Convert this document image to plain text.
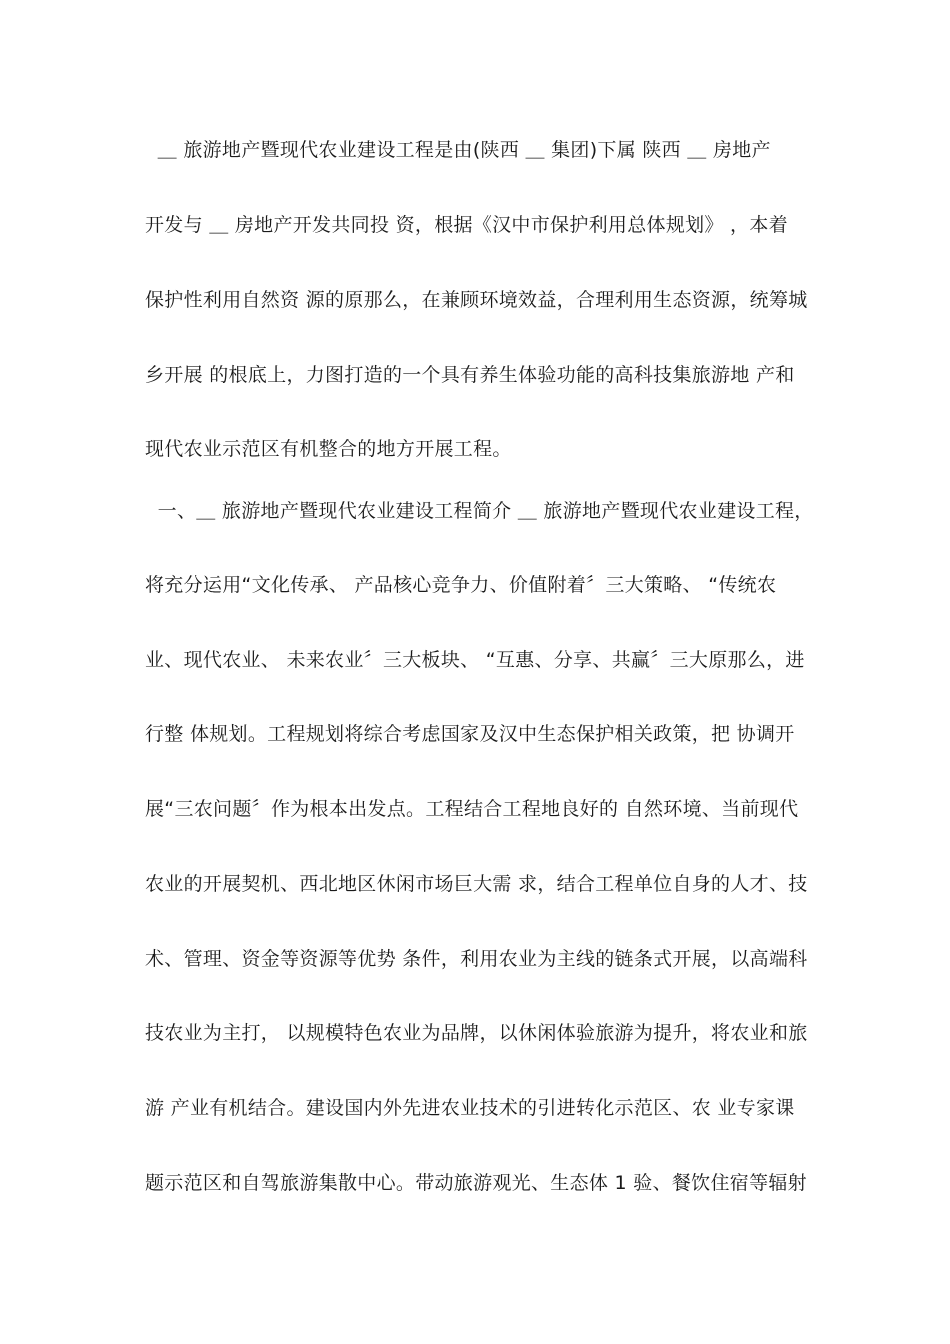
＿ 旅游地产暨现代农业建设工程是由(陕西 ＿ 集团)下属 陕西 ＿ 房地产
开发与 ＿ 房地产开发共同投 资，根据《汉中市保护利用总体规划》 ，本着
保护性利用自然资 源的原那么，在兼顾环境效益，合理利用生态资源，统筹城
乡开展 的根底上，力图打造的一个具有养生体验功能的高科技集旅游地 产和
现代农业示范区有机整合的地方开展工程。
一、＿ 旅游地产暨现代农业建设工程简介 ＿ 旅游地产暨现代农业建设工程，
将充分运用“文化传承、 产品核心竞争力、价值附着〞三大策略、 “传统农
业、现代农业、 未来农业〞三大板块、 “互惠、分享、共赢〞三大原那么，进
行整 体规划。工程规划将综合考虑国家及汉中生态保护相关政策，把 协调开
展“三农问题〞作为根本出发点。工程结合工程地良好的 自然环境、当前现代
农业的开展契机、西北地区休闲市场巨大需 求，结合工程单位自身的人才、技
术、管理、资金等资源等优势 条件，利用农业为主线的链条式开展，以高端科
技农业为主打， 以规模特色农业为品牌，以休闲体验旅游为提升，将农业和旅
游 产业有机结合。建设国内外先进农业技术的引进转化示范区、农 业专家课
题示范区和自驾旅游集散中心。带动旅游观光、生态体 1 验、餐饮住宿等辐射
